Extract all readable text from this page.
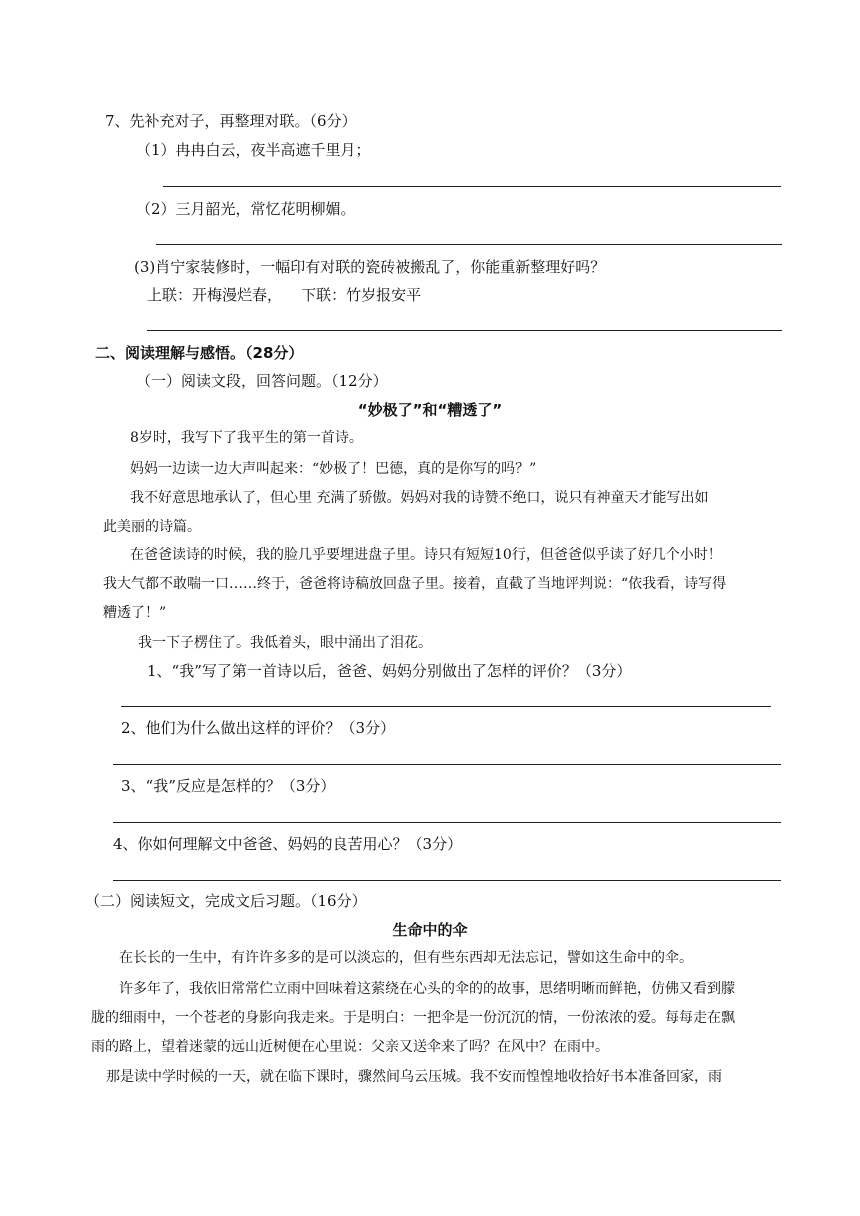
7、先补充对子，再整理对联。（6分）
（1）冉冉白云，夜半高遮千里月；
（2）三月韶光，常忆花明柳媚。
(3)肖宁家装修时，一幅印有对联的瓷砖被搬乱了，你能重新整理好吗？
上联：开梅漫烂春，    下联：竹岁报安平
二、阅读理解与感悟。（28分）
（一）阅读文段，回答问题。（12分）
“妙极了”和“糟透了”
8岁时，我写下了我平生的第一首诗。
妈妈一边读一边大声叫起来：“妙极了！巴德，真的是你写的吗？”
我不好意思地承认了，但心里 充满了骄傲。妈妈对我的诗赞不绝口，说只有神童天才能写出如
此美丽的诗篇。
在爸爸读诗的时候，我的脸几乎要埋进盘子里。诗只有短短10行，但爸爸似乎读了好几个小时！
我大气都不敢喘一口……终于，爸爸将诗稿放回盘子里。接着，直截了当地评判说：“依我看，诗写得
糟透了！”
我一下子楞住了。我低着头，眼中涌出了泪花。
1、“我”写了第一首诗以后，爸爸、妈妈分别做出了怎样的评价？（3分）
2、他们为什么做出这样的评价？（3分）
3、“我”反应是怎样的？（3分）
4、你如何理解文中爸爸、妈妈的良苦用心？（3分）
（二）阅读短文，完成文后习题。（16分）
生命中的伞
在长长的一生中，有许许多多的是可以淡忘的，但有些东西却无法忘记，譬如这生命中的伞。
许多年了，我依旧常常伫立雨中回味着这萦绕在心头的伞的的故事，思绪明晰而鲜艳，仿佛又看到朦
胧的细雨中，一个苍老的身影向我走来。于是明白：一把伞是一份沉沉的情，一份浓浓的爱。每每走在飘
雨的路上，望着迷蒙的远山近树便在心里说：父亲又送伞来了吗？在风中？在雨中。
那是读中学时候的一天，就在临下课时，骤然间乌云压城。我不安而惶惶地收拾好书本准备回家，雨
